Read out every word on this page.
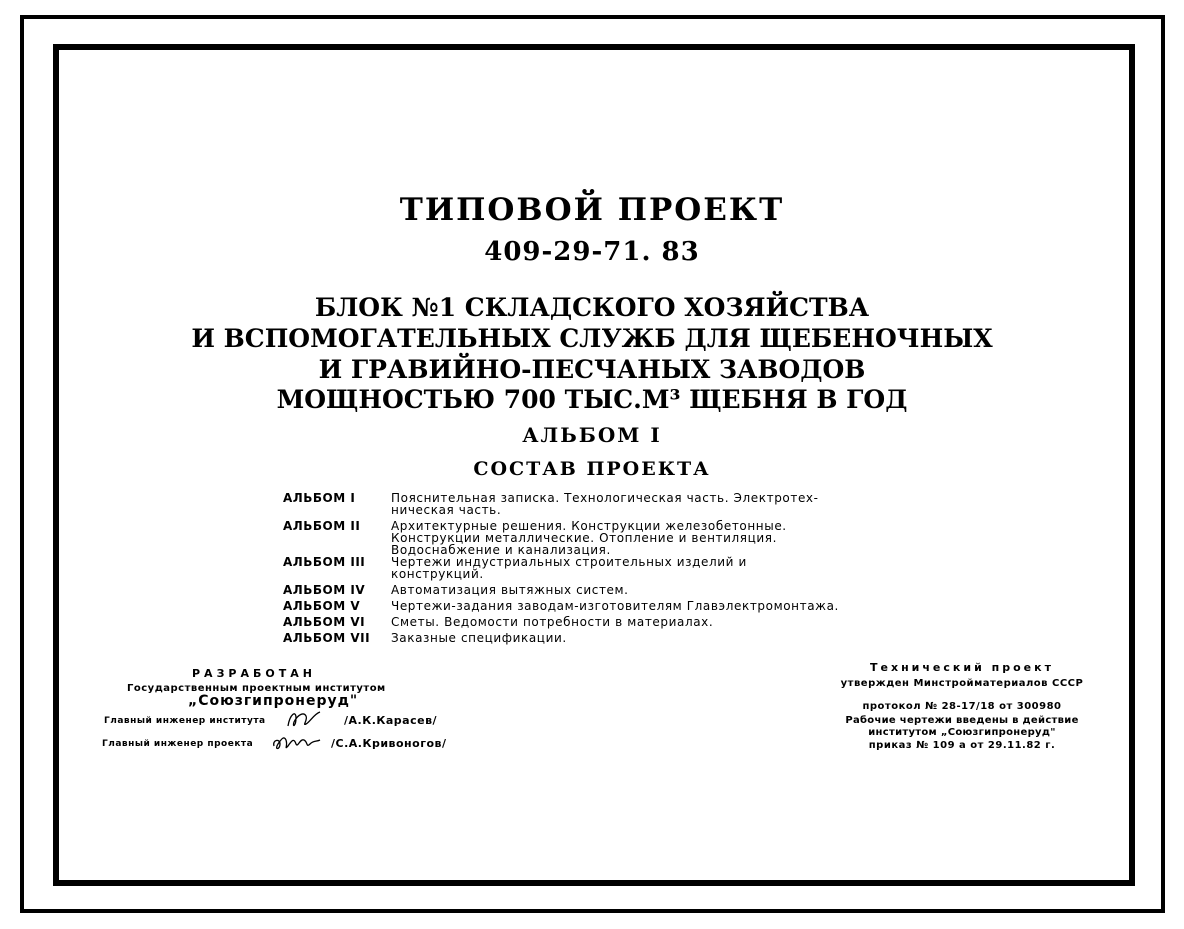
ТИПОВОЙ ПРОЕКТ
409-29-71. 83
БЛОК №1 СКЛАДСКОГО ХОЗЯЙСТВА
И ВСПОМОГАТЕЛЬНЫХ СЛУЖБ ДЛЯ ЩЕБЕНОЧНЫХ
И ГРАВИЙНО-ПЕСЧАНЫХ ЗАВОДОВ
МОЩНОСТЬЮ 700 ТЫС.М³ ЩЕБНЯ В ГОД
АЛЬБОМ I
СОСТАВ ПРОЕКТА
АЛЬБОМ I	Пояснительная записка. Технологическая часть. Электротех-
ническая часть.
АЛЬБОМ II	Архитектурные решения. Конструкции железобетонные.
Конструкции металлические. Отопление и вентиляция.
Водоснабжение и канализация.
АЛЬБОМ III	Чертежи индустриальных строительных изделий и
конструкций.
АЛЬБОМ IV	Автоматизация вытяжных систем.
АЛЬБОМ V	Чертежи-задания заводам-изготовителям Главэлектромонтажа.
АЛЬБОМ VI	Сметы. Ведомости потребности в материалах.
АЛЬБОМ VII	Заказные спецификации.
РАЗРАБОТАН
Государственным проектным институтом
„Союзгипронеруд"
Главный инженер института	/А.К.Карасев/
Главный инженер проекта	/С.А.Кривоногов/
Технический проект
утвержден Минстройматериалов СССР
протокол № 28-17/18 от 300980
Рабочие чертежи введены в действие
институтом „Союзгипронеруд"
приказ № 109 а от 29.11.82 г.
